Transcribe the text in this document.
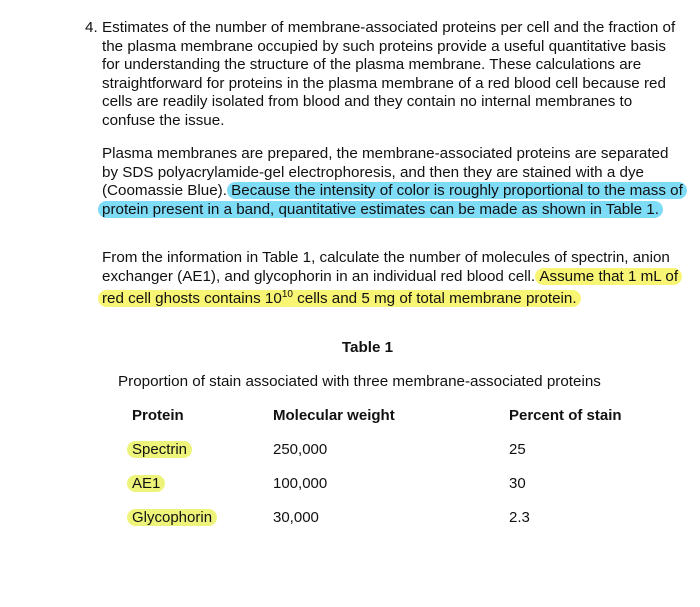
4. Estimates of the number of membrane-associated proteins per cell and the fraction of the plasma membrane occupied by such proteins provide a useful quantitative basis for understanding the structure of the plasma membrane. These calculations are straightforward for proteins in the plasma membrane of a red blood cell because red cells are readily isolated from blood and they contain no internal membranes to confuse the issue.

Plasma membranes are prepared, the membrane-associated proteins are separated by SDS polyacrylamide-gel electrophoresis, and then they are stained with a dye (Coomassie Blue). Because the intensity of color is roughly proportional to the mass of protein present in a band, quantitative estimates can be made as shown in Table 1.

From the information in Table 1, calculate the number of molecules of spectrin, anion exchanger (AE1), and glycophorin in an individual red blood cell. Assume that 1 mL of red cell ghosts contains $10^{10}$ cells and 5 mg of total membrane protein.

Table 1

Proportion of stain associated with three membrane-associated proteins

Protein	Molecular weight	Percent of stain

Spectrin	250,000	25

AE1	100,000	30

Glycophorin	30,000	2.3
